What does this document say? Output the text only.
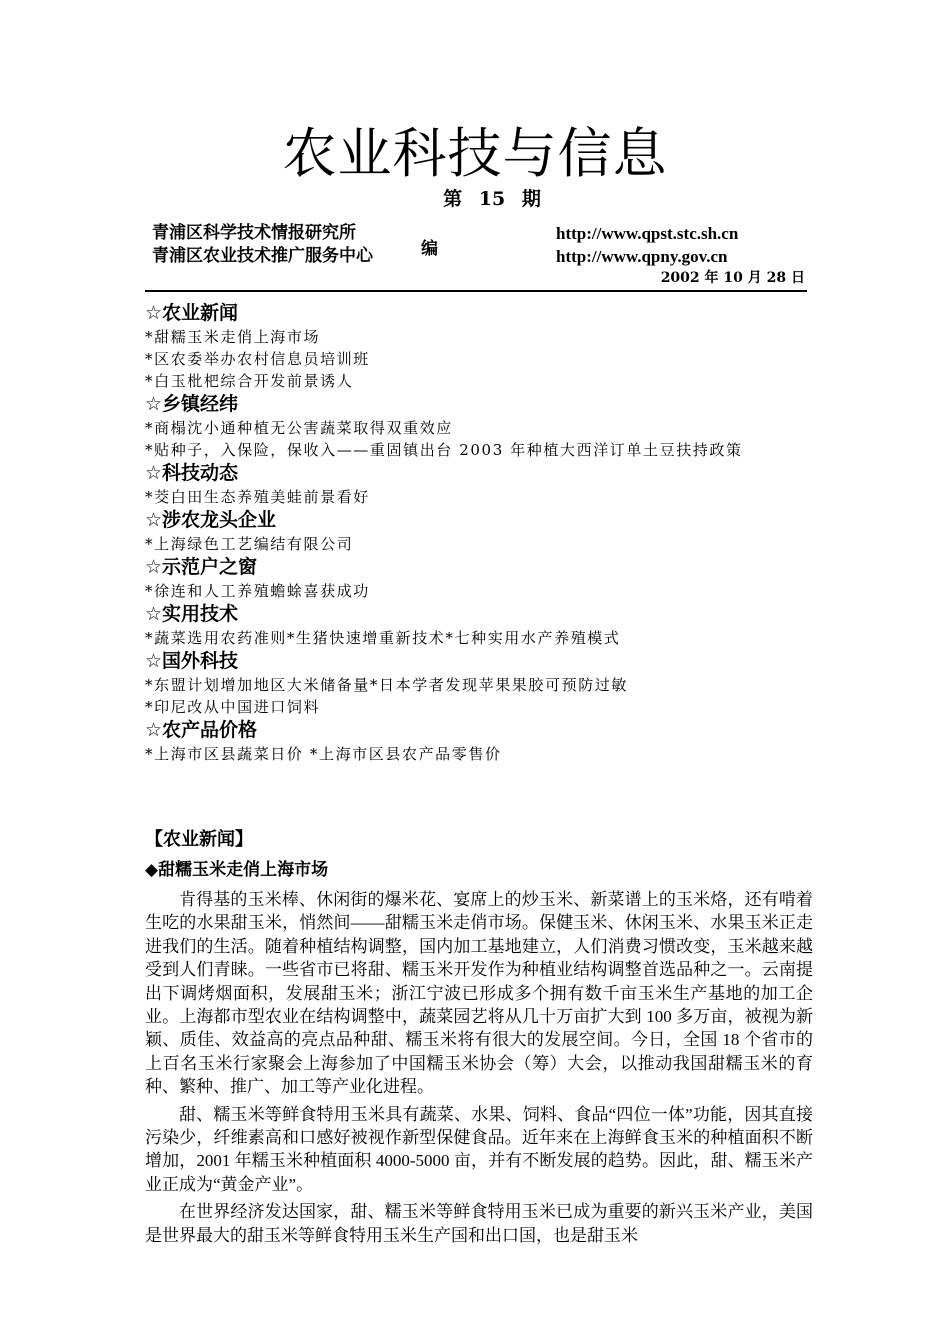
农业科技与信息
第 15 期
青浦区科学技术情报研究所
青浦区农业技术推广服务中心	编
http://www.qpst.stc.sh.cn
http://www.qpny.gov.cn
2002 年 10 月 28 日
☆农业新闻
*甜糯玉米走俏上海市场
*区农委举办农村信息员培训班
*白玉枇杷综合开发前景诱人
☆乡镇经纬
*商榻沈小通种植无公害蔬菜取得双重效应
*贴种子，入保险，保收入——重固镇出台 2003 年种植大西洋订单土豆扶持政策
☆科技动态
*茭白田生态养殖美蛙前景看好
☆涉农龙头企业
*上海绿色工艺编结有限公司
☆示范户之窗
*徐连和人工养殖蟾蜍喜获成功
☆实用技术
*蔬菜选用农药准则*生猪快速增重新技术*七种实用水产养殖模式
☆国外科技
*东盟计划增加地区大米储备量*日本学者发现苹果果胶可预防过敏
*印尼改从中国进口饲料
☆农产品价格
*上海市区县蔬菜日价 *上海市区县农产品零售价
【农业新闻】
◆甜糯玉米走俏上海市场

肯得基的玉米棒、休闲街的爆米花、宴席上的炒玉米、新菜谱上的玉米烙，还有啃着生吃的水果甜玉米，悄然间——甜糯玉米走俏市场。保健玉米、休闲玉米、水果玉米正走进我们的生活。随着种植结构调整，国内加工基地建立，人们消费习惯改变，玉米越来越受到人们青睐。一些省市已将甜、糯玉米开发作为种植业结构调整首选品种之一。云南提出下调烤烟面积，发展甜玉米；浙江宁波已形成多个拥有数千亩玉米生产基地的加工企业。上海都市型农业在结构调整中，蔬菜园艺将从几十万亩扩大到 100 多万亩，被视为新颖、质佳、效益高的亮点品种甜、糯玉米将有很大的发展空间。今日，全国 18 个省市的上百名玉米行家聚会上海参加了中国糯玉米协会（筹）大会，以推动我国甜糯玉米的育种、繁种、推广、加工等产业化进程。

甜、糯玉米等鲜食特用玉米具有蔬菜、水果、饲料、食品“四位一体”功能，因其直接污染少，纤维素高和口感好被视作新型保健食品。近年来在上海鲜食玉米的种植面积不断增加，2001 年糯玉米种植面积 4000-5000 亩，并有不断发展的趋势。因此，甜、糯玉米产业正成为“黄金产业”。

在世界经济发达国家，甜、糯玉米等鲜食特用玉米已成为重要的新兴玉米产业，美国是世界最大的甜玉米等鲜食特用玉米生产国和出口国，也是甜玉米
